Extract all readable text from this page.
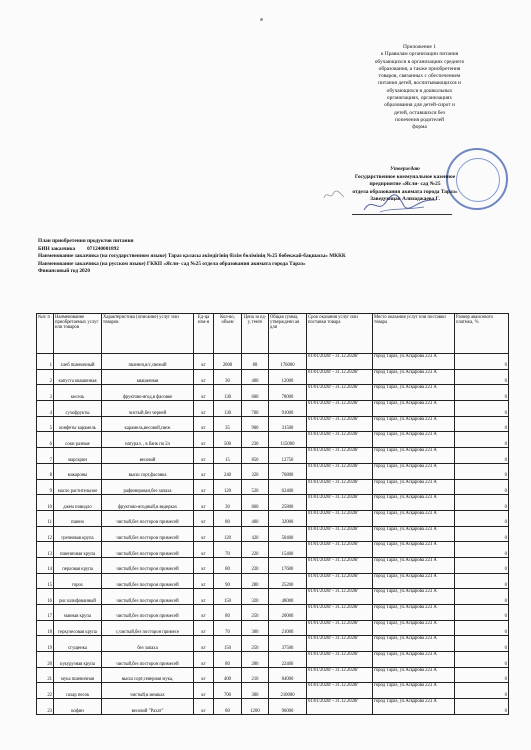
Приложение 1
к Правилам организации питания
обучающихся в организациях среднего
образования, а также приобретения
товаров, связанных с обеспечением
питания детей, воспитывающихся и
обучающихся в дошкольных
организациях, организациях
образования для детей-сирот и
детей, оставшихся без
попечения родителей
форма
Утверждаю
Государственное коммунальное казенное
предприятие «Ясли- сад №25
отдела образования акимата города Тараз»
Заведующая Алиходжаева Г.
План приобретения продуктов питания
БИН заказчика 071240001892
Наименование заказчика (на государственном языке) Тараз қаласы әкімдігінің білім бөлімінің №25 бөбекжай-бақшасы» МККК
Наименование заказчика (на русском языке) ГККП «Ясли- сад №25 отдела образования акимата города Тараз»
Финансовый год 2020
№п/ п	Наименование приобретаемых услуг или товаров	Характеристика (описание) услуг или товаров	Ед-ца изм-я	Кол-во, объем	Цена за ед-у, тенге	Общая сумма, утвержденн ая для	Срок оказания услуг или поставки товара	Место оказания услуг или поставки товара	Размер авансового платежа, %
1	хлеб пшеничный	пшенич,в/с,свежий	кг	2000	88	176000	01/01/2020г - 31.12.2020г	город Тараз, ул.Асқарова 223 А	0
2	капуста квашенная	квашенная	кг	30	400	12000	01/01/2020г - 31.12.2020г	город Тараз, ул.Асқарова 223 А	0
3	кисель	фруктово-ягод,в фасовке	кг	130	600	78000	01/01/2020г - 31.12.2020г	город Тараз, ул.Асқарова 223 А	0
4	сухофрукты	чистый,без черней	кг	130	700	91000	01/01/2020г - 31.12.2020г	город Тараз, ул.Асқарова 223 А	0
5	конфеты карамель	карамель,весовой,свеж	кг	35	900	31500	01/01/2020г - 31.12.2020г	город Тараз, ул.Асқарова 223 А	0
6	соки разные	натурал. , в банк по 2л	кг	500	230	115000	01/01/2020г - 31.12.2020г	город Тараз, ул.Асқарова 223 А	0
7	маргарин	весовой	кг	15	850	12750	01/01/2020г - 31.12.2020г	город Тараз, ул.Асқарова 223 А	0
8	макароны	высш сорт,фасовка	кг	240	320	76800	01/01/2020г - 31.12.2020г	город Тараз, ул.Асқарова 223 А	0
9	масло растительное	рафинирован,без запаха	кг	120	520	62400	01/01/2020г - 31.12.2020г	город Тараз, ул.Асқарова 223 А	0
10	джем повидло	фруктово-ягодный,в ведерках	кг	30	860	25800	01/01/2020г - 31.12.2020г	город Тараз, ул.Асқарова 223 А	0
11	пшено	чистый,без посторон примесей	кг	80	400	32000	01/01/2020г - 31.12.2020г	город Тараз, ул.Асқарова 223 А	0
12	гречневая крупа	чистый,без посторон примесей	кг	120	420	50400	01/01/2020г - 31.12.2020г	город Тараз, ул.Асқарова 223 А	0
13	пшеничная крупа	чистый,без посторон примесей	кг	70	220	15400	01/01/2020г - 31.12.2020г	город Тараз, ул.Асқарова 223 А	0
14	перловая крупа	чистый,без посторон примесей	кг	80	220	17600	01/01/2020г - 31.12.2020г	город Тараз, ул.Асқарова 223 А	0
15	горох	чистый,без посторон примесей	кг	90	280	25200	01/01/2020г - 31.12.2020г	город Тараз, ул.Асқарова 223 А	0
16	рис шлифованный	чистый,без посторон примесей	кг	150	320	48000	01/01/2020г - 31.12.2020г	город Тараз, ул.Асқарова 223 А	0
17	манная крупа	чистый,без посторон примесей	кг	80	250	20000	01/01/2020г - 31.12.2020г	город Тараз, ул.Асқарова 223 А	0
18	геркулесовая крупа	с,чистый,без посторон примесе	кг	70	300	21000	01/01/2020г - 31.12.2020г	город Тараз, ул.Асқарова 223 А	0
19	сгущенка	без запаха	кг	150	250	37500	01/01/2020г - 31.12.2020г	город Тараз, ул.Асқарова 223 А	0
20	кукурузная крупа	чистый,без посторон примесей	кг	80	280	22400	01/01/2020г - 31.12.2020г	город Тараз, ул.Асқарова 223 А	0
21	мука пшеничная	высш сорт,северная мука,	кг	400	210	84000	01/01/2020г - 31.12.2020г	город Тараз, ул.Асқарова 223 А	0
22	сахар песок	чистый,в мешках	кг	700	300	210000	01/01/2020г - 31.12.2020г	город Тараз, ул.Асқарова 223 А	0
23	кофин	весовой "Рахат"	кг	80	1200	96000	01/01/2020г - 31.12.2020г	город Тараз, ул.Асқарова 223 А	0
